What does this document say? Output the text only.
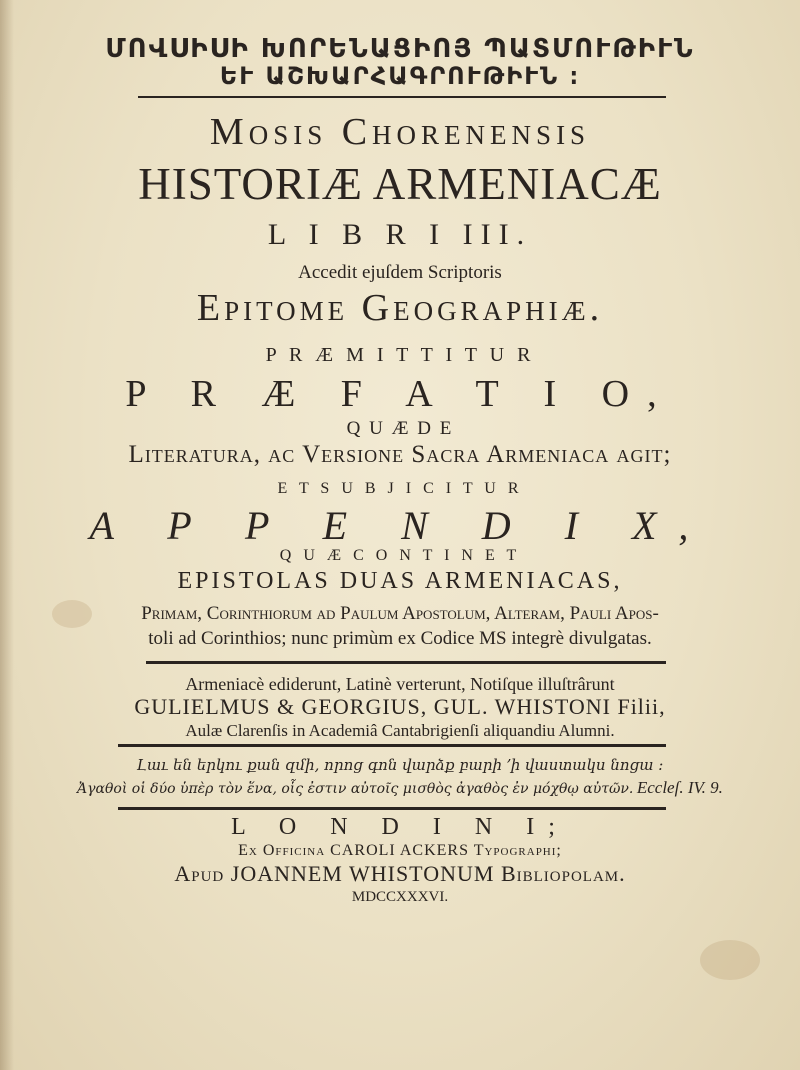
ՄՈՎՍԻՍԻ ԽՈՐԵՆԱՑԻՈՅ ՊԱՏՄՈՒԹԻՒՆ
ԵՒ ԱՇԽԱՐՀԱԳՐՈՒԹԻՒՆ ։
Mosis Chorenensis
HISTORIÆ ARMENIACÆ
L I B R I III.
Accedit ejuſdem Scriptoris
Epitome Geographiæ.
P R Æ M I T T I T U R
P R Æ F A T I O,
Q U Æ D E
Literatura, ac Versione Sacra Armeniaca agit;
E T S U B J I C I T U R
A P P E N D I X,
Q U Æ C O N T I N E T
EPISTOLAS DUAS ARMENIACAS,
Primam, Corinthiorum ad Paulum Apoſtolum, Alteram, Pauli Apoſ-
toli ad Corinthios; nunc primùm ex Codice MS integrè divulgatas.
Armeniacè ediderunt, Latinè verterunt, Notiſque illuſtrârunt
GULIELMUS & GEORGIUS, GUL. WHISTONI Filii,
Aulæ Clarenſis in Academiâ Cantabrigienſi aliquandiu Alumni.
Լաւ են երկու քան զմի, որոց գոն վարձք բարի ՚ի վաստակս նոցա ։
Ἀγαθοὶ οἱ δύο ὑπὲρ τὸν ἕνα, οἷς ἐστιν αὐτοῖς μισθὸς ἀγαθὸς ἐν μόχθῳ αὐτῶν. Eccleſ. IV. 9.
L O N D I N I;
Ex Officina CAROLI ACKERS Typographi;
Apud JOANNEM WHISTONUM Bibliopolam.
MDCCXXXVI.
